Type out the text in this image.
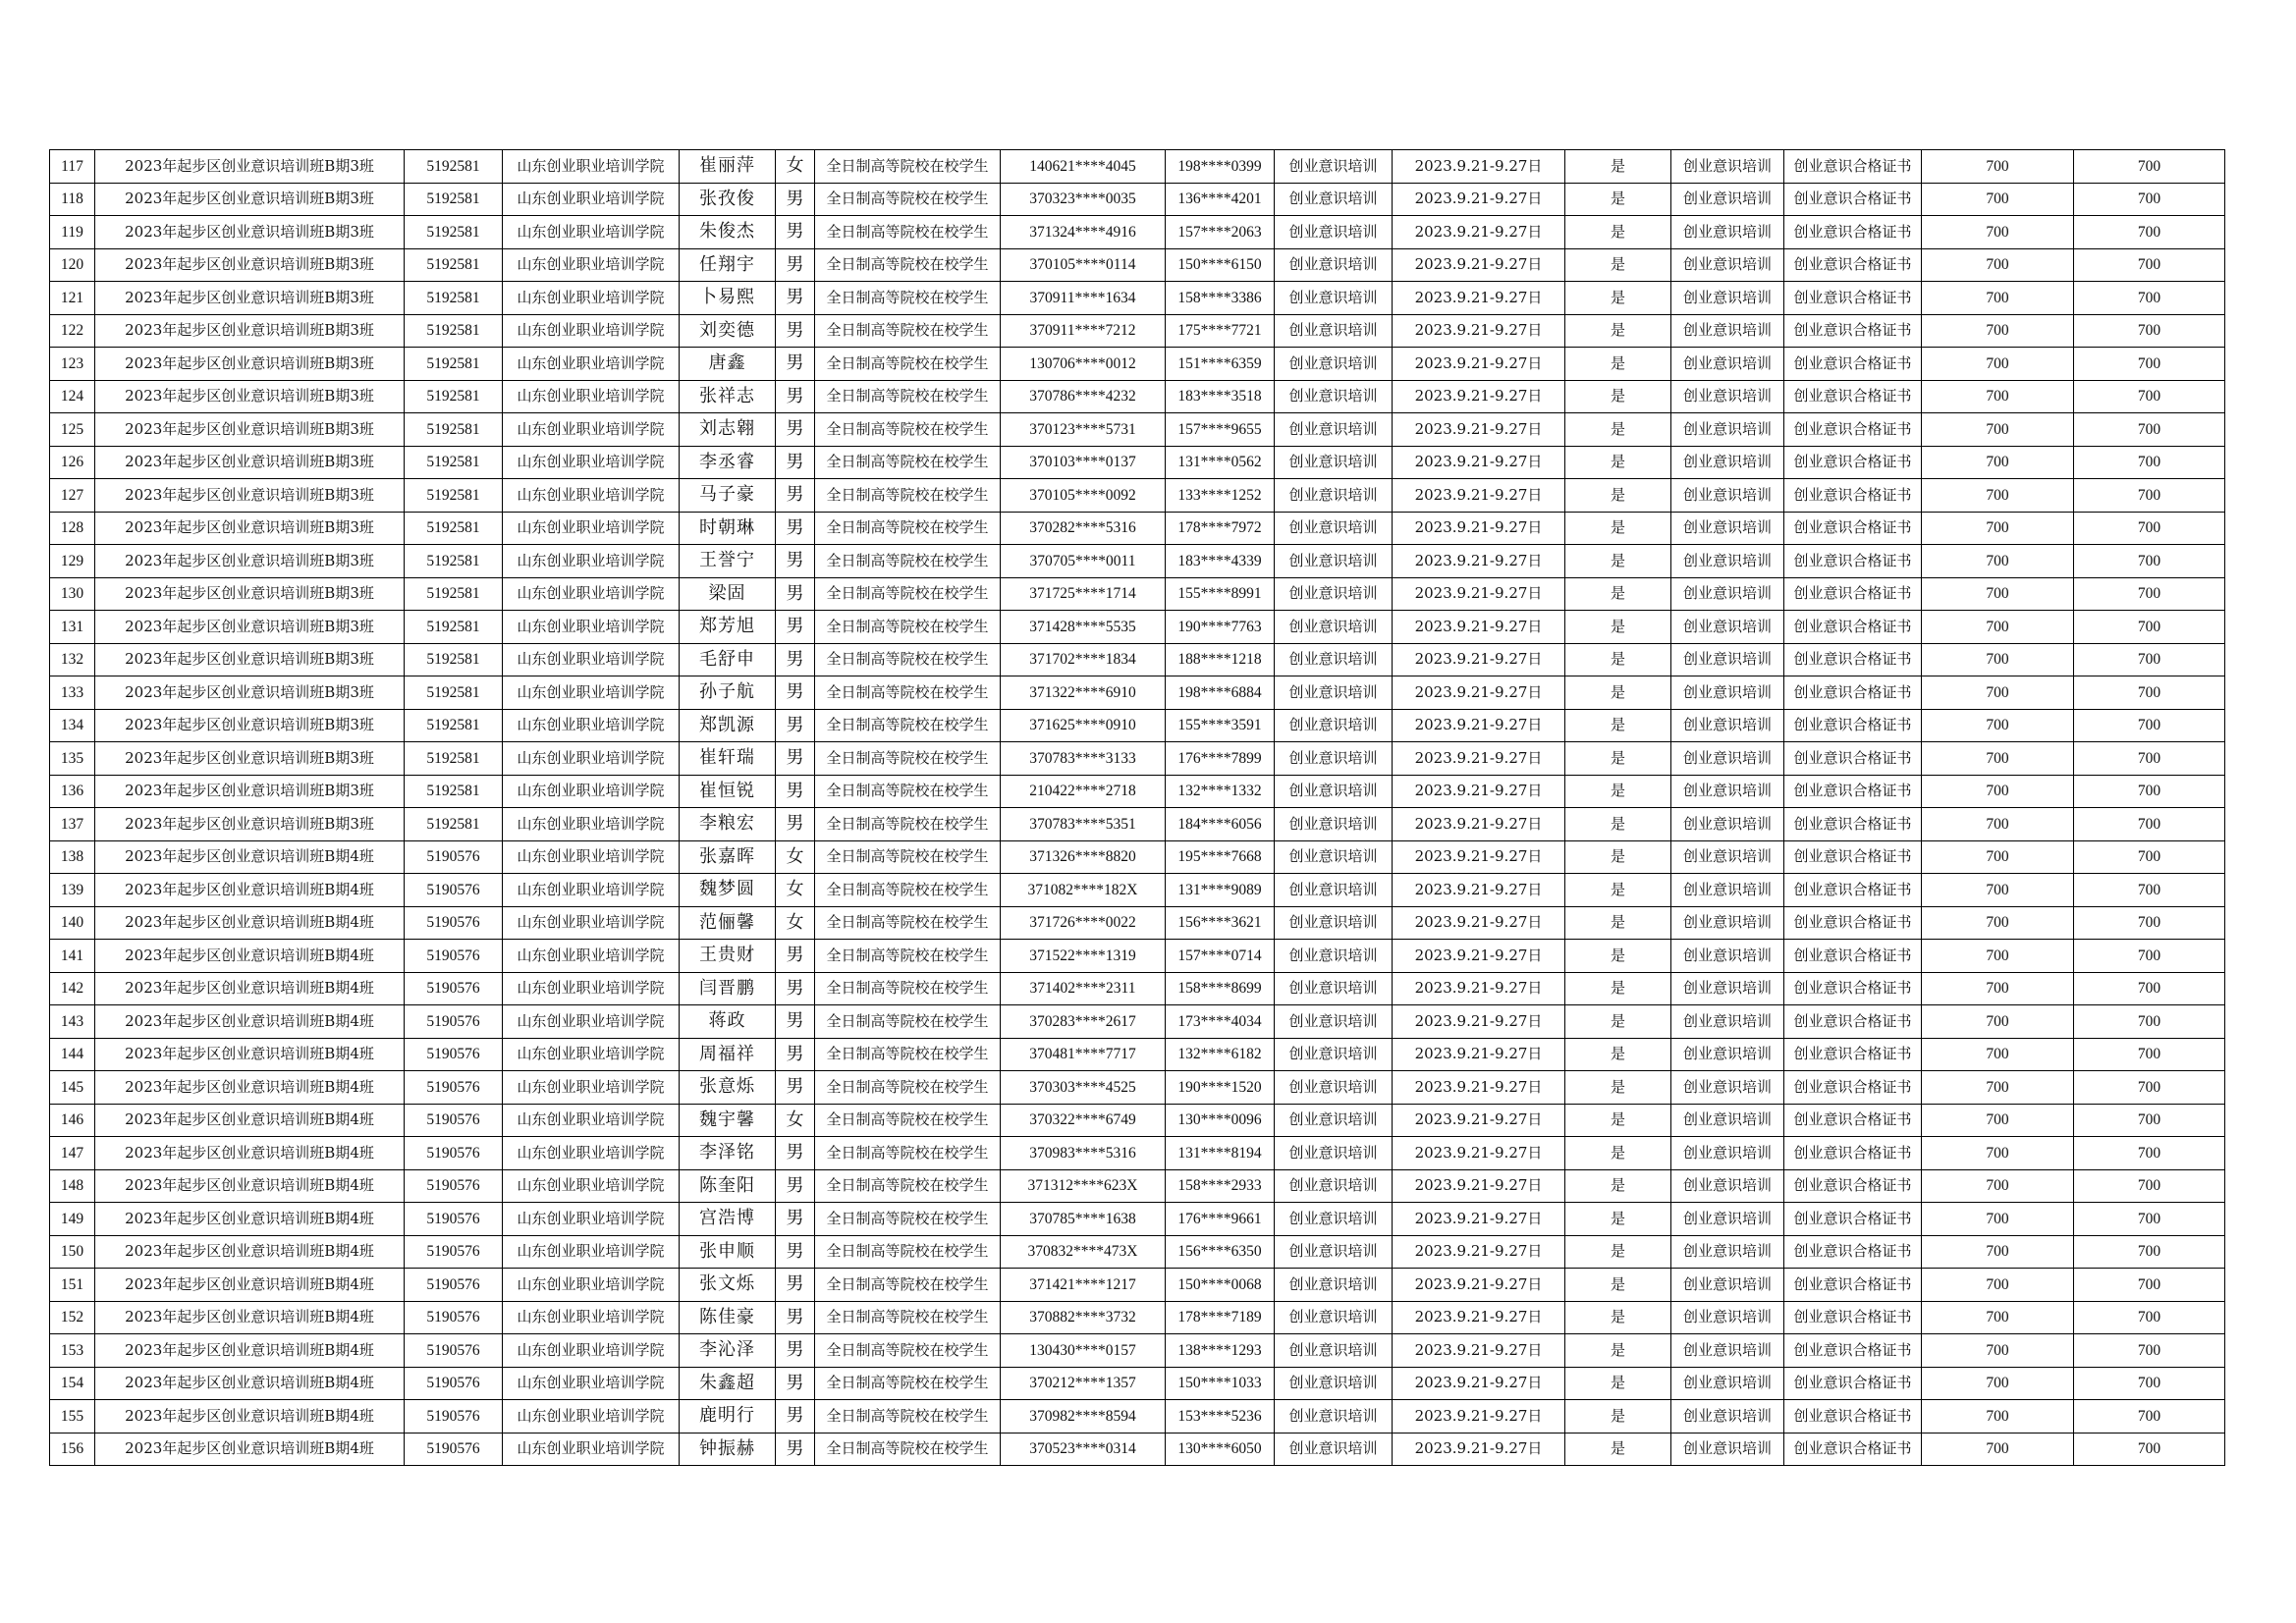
117	2023年起步区创业意识培训班B期3班	5192581	山东创业职业培训学院	崔丽萍	女	全日制高等院校在校学生	140621****4045	198****0399	创业意识培训	2023.9.21-9.27日	是	创业意识培训	创业意识合格证书	700	700
118	2023年起步区创业意识培训班B期3班	5192581	山东创业职业培训学院	张孜俊	男	全日制高等院校在校学生	370323****0035	136****4201	创业意识培训	2023.9.21-9.27日	是	创业意识培训	创业意识合格证书	700	700
119	2023年起步区创业意识培训班B期3班	5192581	山东创业职业培训学院	朱俊杰	男	全日制高等院校在校学生	371324****4916	157****2063	创业意识培训	2023.9.21-9.27日	是	创业意识培训	创业意识合格证书	700	700
120	2023年起步区创业意识培训班B期3班	5192581	山东创业职业培训学院	任翔宇	男	全日制高等院校在校学生	370105****0114	150****6150	创业意识培训	2023.9.21-9.27日	是	创业意识培训	创业意识合格证书	700	700
121	2023年起步区创业意识培训班B期3班	5192581	山东创业职业培训学院	卜易熙	男	全日制高等院校在校学生	370911****1634	158****3386	创业意识培训	2023.9.21-9.27日	是	创业意识培训	创业意识合格证书	700	700
122	2023年起步区创业意识培训班B期3班	5192581	山东创业职业培训学院	刘奕德	男	全日制高等院校在校学生	370911****7212	175****7721	创业意识培训	2023.9.21-9.27日	是	创业意识培训	创业意识合格证书	700	700
123	2023年起步区创业意识培训班B期3班	5192581	山东创业职业培训学院	唐鑫	男	全日制高等院校在校学生	130706****0012	151****6359	创业意识培训	2023.9.21-9.27日	是	创业意识培训	创业意识合格证书	700	700
124	2023年起步区创业意识培训班B期3班	5192581	山东创业职业培训学院	张祥志	男	全日制高等院校在校学生	370786****4232	183****3518	创业意识培训	2023.9.21-9.27日	是	创业意识培训	创业意识合格证书	700	700
125	2023年起步区创业意识培训班B期3班	5192581	山东创业职业培训学院	刘志翱	男	全日制高等院校在校学生	370123****5731	157****9655	创业意识培训	2023.9.21-9.27日	是	创业意识培训	创业意识合格证书	700	700
126	2023年起步区创业意识培训班B期3班	5192581	山东创业职业培训学院	李丞睿	男	全日制高等院校在校学生	370103****0137	131****0562	创业意识培训	2023.9.21-9.27日	是	创业意识培训	创业意识合格证书	700	700
127	2023年起步区创业意识培训班B期3班	5192581	山东创业职业培训学院	马子豪	男	全日制高等院校在校学生	370105****0092	133****1252	创业意识培训	2023.9.21-9.27日	是	创业意识培训	创业意识合格证书	700	700
128	2023年起步区创业意识培训班B期3班	5192581	山东创业职业培训学院	时朝琳	男	全日制高等院校在校学生	370282****5316	178****7972	创业意识培训	2023.9.21-9.27日	是	创业意识培训	创业意识合格证书	700	700
129	2023年起步区创业意识培训班B期3班	5192581	山东创业职业培训学院	王誉宁	男	全日制高等院校在校学生	370705****0011	183****4339	创业意识培训	2023.9.21-9.27日	是	创业意识培训	创业意识合格证书	700	700
130	2023年起步区创业意识培训班B期3班	5192581	山东创业职业培训学院	梁固	男	全日制高等院校在校学生	371725****1714	155****8991	创业意识培训	2023.9.21-9.27日	是	创业意识培训	创业意识合格证书	700	700
131	2023年起步区创业意识培训班B期3班	5192581	山东创业职业培训学院	郑芳旭	男	全日制高等院校在校学生	371428****5535	190****7763	创业意识培训	2023.9.21-9.27日	是	创业意识培训	创业意识合格证书	700	700
132	2023年起步区创业意识培训班B期3班	5192581	山东创业职业培训学院	毛舒申	男	全日制高等院校在校学生	371702****1834	188****1218	创业意识培训	2023.9.21-9.27日	是	创业意识培训	创业意识合格证书	700	700
133	2023年起步区创业意识培训班B期3班	5192581	山东创业职业培训学院	孙子航	男	全日制高等院校在校学生	371322****6910	198****6884	创业意识培训	2023.9.21-9.27日	是	创业意识培训	创业意识合格证书	700	700
134	2023年起步区创业意识培训班B期3班	5192581	山东创业职业培训学院	郑凯源	男	全日制高等院校在校学生	371625****0910	155****3591	创业意识培训	2023.9.21-9.27日	是	创业意识培训	创业意识合格证书	700	700
135	2023年起步区创业意识培训班B期3班	5192581	山东创业职业培训学院	崔轩瑞	男	全日制高等院校在校学生	370783****3133	176****7899	创业意识培训	2023.9.21-9.27日	是	创业意识培训	创业意识合格证书	700	700
136	2023年起步区创业意识培训班B期3班	5192581	山东创业职业培训学院	崔恒锐	男	全日制高等院校在校学生	210422****2718	132****1332	创业意识培训	2023.9.21-9.27日	是	创业意识培训	创业意识合格证书	700	700
137	2023年起步区创业意识培训班B期3班	5192581	山东创业职业培训学院	李粮宏	男	全日制高等院校在校学生	370783****5351	184****6056	创业意识培训	2023.9.21-9.27日	是	创业意识培训	创业意识合格证书	700	700
138	2023年起步区创业意识培训班B期4班	5190576	山东创业职业培训学院	张嘉晖	女	全日制高等院校在校学生	371326****8820	195****7668	创业意识培训	2023.9.21-9.27日	是	创业意识培训	创业意识合格证书	700	700
139	2023年起步区创业意识培训班B期4班	5190576	山东创业职业培训学院	魏梦圆	女	全日制高等院校在校学生	371082****182X	131****9089	创业意识培训	2023.9.21-9.27日	是	创业意识培训	创业意识合格证书	700	700
140	2023年起步区创业意识培训班B期4班	5190576	山东创业职业培训学院	范俪馨	女	全日制高等院校在校学生	371726****0022	156****3621	创业意识培训	2023.9.21-9.27日	是	创业意识培训	创业意识合格证书	700	700
141	2023年起步区创业意识培训班B期4班	5190576	山东创业职业培训学院	王贵财	男	全日制高等院校在校学生	371522****1319	157****0714	创业意识培训	2023.9.21-9.27日	是	创业意识培训	创业意识合格证书	700	700
142	2023年起步区创业意识培训班B期4班	5190576	山东创业职业培训学院	闫晋鹏	男	全日制高等院校在校学生	371402****2311	158****8699	创业意识培训	2023.9.21-9.27日	是	创业意识培训	创业意识合格证书	700	700
143	2023年起步区创业意识培训班B期4班	5190576	山东创业职业培训学院	蒋政	男	全日制高等院校在校学生	370283****2617	173****4034	创业意识培训	2023.9.21-9.27日	是	创业意识培训	创业意识合格证书	700	700
144	2023年起步区创业意识培训班B期4班	5190576	山东创业职业培训学院	周福祥	男	全日制高等院校在校学生	370481****7717	132****6182	创业意识培训	2023.9.21-9.27日	是	创业意识培训	创业意识合格证书	700	700
145	2023年起步区创业意识培训班B期4班	5190576	山东创业职业培训学院	张意烁	男	全日制高等院校在校学生	370303****4525	190****1520	创业意识培训	2023.9.21-9.27日	是	创业意识培训	创业意识合格证书	700	700
146	2023年起步区创业意识培训班B期4班	5190576	山东创业职业培训学院	魏宇馨	女	全日制高等院校在校学生	370322****6749	130****0096	创业意识培训	2023.9.21-9.27日	是	创业意识培训	创业意识合格证书	700	700
147	2023年起步区创业意识培训班B期4班	5190576	山东创业职业培训学院	李泽铭	男	全日制高等院校在校学生	370983****5316	131****8194	创业意识培训	2023.9.21-9.27日	是	创业意识培训	创业意识合格证书	700	700
148	2023年起步区创业意识培训班B期4班	5190576	山东创业职业培训学院	陈奎阳	男	全日制高等院校在校学生	371312****623X	158****2933	创业意识培训	2023.9.21-9.27日	是	创业意识培训	创业意识合格证书	700	700
149	2023年起步区创业意识培训班B期4班	5190576	山东创业职业培训学院	宫浩博	男	全日制高等院校在校学生	370785****1638	176****9661	创业意识培训	2023.9.21-9.27日	是	创业意识培训	创业意识合格证书	700	700
150	2023年起步区创业意识培训班B期4班	5190576	山东创业职业培训学院	张申顺	男	全日制高等院校在校学生	370832****473X	156****6350	创业意识培训	2023.9.21-9.27日	是	创业意识培训	创业意识合格证书	700	700
151	2023年起步区创业意识培训班B期4班	5190576	山东创业职业培训学院	张文烁	男	全日制高等院校在校学生	371421****1217	150****0068	创业意识培训	2023.9.21-9.27日	是	创业意识培训	创业意识合格证书	700	700
152	2023年起步区创业意识培训班B期4班	5190576	山东创业职业培训学院	陈佳豪	男	全日制高等院校在校学生	370882****3732	178****7189	创业意识培训	2023.9.21-9.27日	是	创业意识培训	创业意识合格证书	700	700
153	2023年起步区创业意识培训班B期4班	5190576	山东创业职业培训学院	李沁泽	男	全日制高等院校在校学生	130430****0157	138****1293	创业意识培训	2023.9.21-9.27日	是	创业意识培训	创业意识合格证书	700	700
154	2023年起步区创业意识培训班B期4班	5190576	山东创业职业培训学院	朱鑫超	男	全日制高等院校在校学生	370212****1357	150****1033	创业意识培训	2023.9.21-9.27日	是	创业意识培训	创业意识合格证书	700	700
155	2023年起步区创业意识培训班B期4班	5190576	山东创业职业培训学院	鹿明行	男	全日制高等院校在校学生	370982****8594	153****5236	创业意识培训	2023.9.21-9.27日	是	创业意识培训	创业意识合格证书	700	700
156	2023年起步区创业意识培训班B期4班	5190576	山东创业职业培训学院	钟振赫	男	全日制高等院校在校学生	370523****0314	130****6050	创业意识培训	2023.9.21-9.27日	是	创业意识培训	创业意识合格证书	700	700
